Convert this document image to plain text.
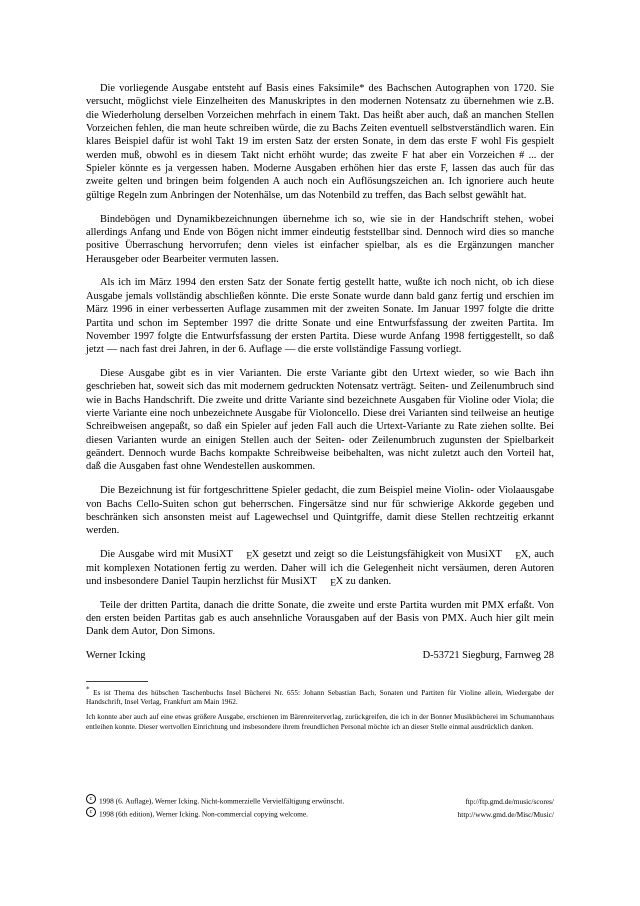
Die vorliegende Ausgabe entsteht auf Basis eines Faksimile* des Bachschen Autographen von 1720. Sie versucht, möglichst viele Einzelheiten des Manuskriptes in den modernen Notensatz zu übernehmen wie z.B. die Wiederholung derselben Vorzeichen mehrfach in einem Takt. Das heißt aber auch, daß an manchen Stellen Vorzeichen fehlen, die man heute schreiben würde, die zu Bachs Zeiten eventuell selbstverständlich waren. Ein klares Beispiel dafür ist wohl Takt 19 im ersten Satz der ersten Sonate, in dem das erste F wohl Fis gespielt werden muß, obwohl es in diesem Takt nicht erhöht wurde; das zweite F hat aber ein Vorzeichen # ... der Spieler könnte es ja vergessen haben. Moderne Ausgaben erhöhen hier das erste F, lassen das auch für das zweite gelten und bringen beim folgenden A auch noch ein Auflösungszeichen an. Ich ignoriere auch heute gültige Regeln zum Anbringen der Notenhälse, um das Notenbild zu treffen, das Bach selbst gewählt hat.

Bindebögen und Dynamikbezeichnungen übernehme ich so, wie sie in der Handschrift stehen, wobei allerdings Anfang und Ende von Bögen nicht immer eindeutig feststellbar sind. Dennoch wird dies so manche positive Überraschung hervorrufen; denn vieles ist einfacher spielbar, als es die Ergänzungen mancher Herausgeber oder Bearbeiter vermuten lassen.

Als ich im März 1994 den ersten Satz der Sonate fertig gestellt hatte, wußte ich noch nicht, ob ich diese Ausgabe jemals vollständig abschließen könnte. Die erste Sonate wurde dann bald ganz fertig und erschien im März 1996 in einer verbesserten Auflage zusammen mit der zweiten Sonate. Im Januar 1997 folgte die dritte Partita und schon im September 1997 die dritte Sonate und eine Entwurfsfassung der zweiten Partita. Im November 1997 folgte die Entwurfsfassung der ersten Partita. Diese wurde Anfang 1998 fertiggestellt, so daß jetzt — nach fast drei Jahren, in der 6. Auflage — die erste vollständige Fassung vorliegt.

Diese Ausgabe gibt es in vier Varianten. Die erste Variante gibt den Urtext wieder, so wie Bach ihn geschrieben hat, soweit sich das mit modernem gedruckten Notensatz verträgt. Seiten- und Zeilenumbruch sind wie in Bachs Handschrift. Die zweite und dritte Variante sind bezeichnete Ausgaben für Violine oder Viola; die vierte Variante eine noch unbezeichnete Ausgabe für Violoncello. Diese drei Varianten sind teilweise an heutige Schreibweisen angepaßt, so daß ein Spieler auf jeden Fall auch die Urtext-Variante zu Rate ziehen sollte. Bei diesen Varianten wurde an einigen Stellen auch der Seiten- oder Zeilenumbruch zugunsten der Spielbarkeit geändert. Dennoch wurde Bachs kompakte Schreibweise beibehalten, was nicht zuletzt auch den Vorteil hat, daß die Ausgaben fast ohne Wendestellen auskommen.

Die Bezeichnung ist für fortgeschrittene Spieler gedacht, die zum Beispiel meine Violin- oder Violaausgabe von Bachs Cello-Suiten schon gut beherrschen. Fingersätze sind nur für schwierige Akkorde gegeben und beschränken sich ansonsten meist auf Lagewechsel und Quintgriffe, damit diese Stellen rechtzeitig erkannt werden.

Die Ausgabe wird mit MusiXT EX gesetzt und zeigt so die Leistungsfähigkeit von MusiXT EX, auch mit komplexen Notationen fertig zu werden. Daher will ich die Gelegenheit nicht versäumen, deren Autoren und insbesondere Daniel Taupin herzlichst für MusiXT EX zu danken.

Teile der dritten Partita, danach die dritte Sonate, die zweite und erste Partita wurden mit PMX erfaßt. Von den ersten beiden Partitas gab es auch ansehnliche Vorausgaben auf der Basis von PMX. Auch hier gilt mein Dank dem Autor, Don Simons.

Werner Icking	D-53721 Siegburg, Farnweg 28

* Es ist Thema des hübschen Taschenbuchs Insel Bücherei Nr. 655: Johann Sebastian Bach, Sonaten und Partiten für Violine allein, Wiedergabe der Handschrift, Insel Verlag, Frankfurt am Main 1962.

Ich konnte aber auch auf eine etwas größere Ausgabe, erschienen im Bärenreiterverlag, zurückgreifen, die ich in der Bonner Musikbücherei im Schumannhaus entleihen konnte. Dieser wertvollen Einrichtung und insbesondere ihrem freundlichen Personal möchte ich an dieser Stelle einmal ausdrücklich danken.

c1998 (6. Auflage), Werner Icking. Nicht-kommerzielle Vervielfältigung erwünscht.	ftp://ftp.gmd.de/music/scores/
c1998 (6th edition), Werner Icking. Non-commercial copying welcome.	http://www.gmd.de/Misc/Music/
